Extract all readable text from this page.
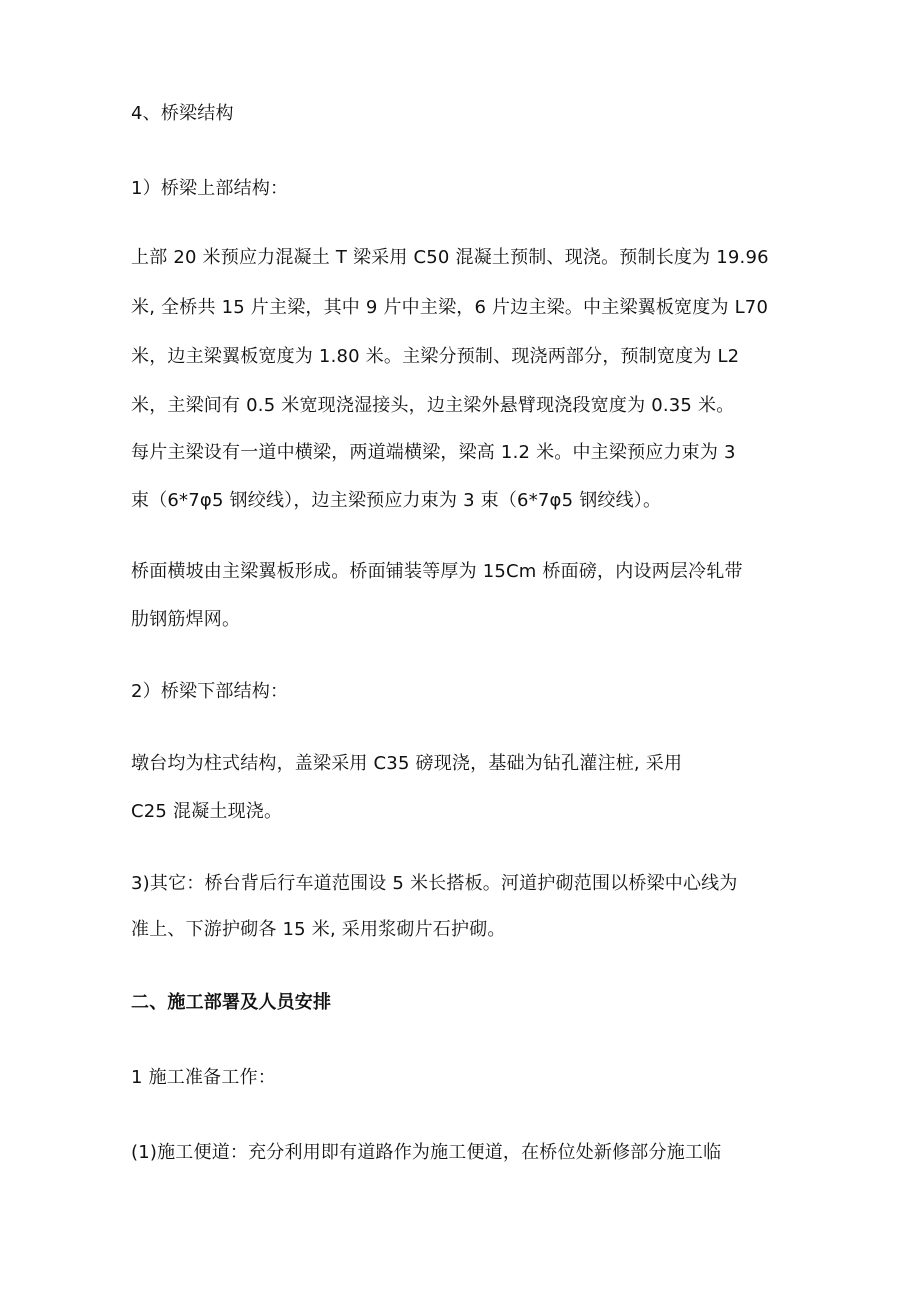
4、桥梁结构
1）桥梁上部结构：
上部 20 米预应力混凝土 T 梁采用 C50 混凝土预制、现浇。预制长度为 19.96
米, 全桥共 15 片主梁，其中 9 片中主梁，6 片边主梁。中主梁翼板宽度为 L70
米，边主梁翼板宽度为 1.80 米。主梁分预制、现浇两部分，预制宽度为 L2
米，主梁间有 0.5 米宽现浇湿接头，边主梁外悬臂现浇段宽度为 0.35 米。
每片主梁设有一道中横梁，两道端横梁，梁高 1.2 米。中主梁预应力束为 3
束（6*7φ5 钢绞线），边主梁预应力束为 3 束（6*7φ5 钢绞线）。
桥面横坡由主梁翼板形成。桥面铺装等厚为 15Cm 桥面磅，内设两层冷轧带
肋钢筋焊网。
2）桥梁下部结构：
墩台均为柱式结构，盖梁采用 C35 磅现浇，基础为钻孔灌注桩, 采用
C25 混凝土现浇。
3)其它：桥台背后行车道范围设 5 米长搭板。河道护砌范围以桥梁中心线为
准上、下游护砌各 15 米, 采用浆砌片石护砌。
二、施工部署及人员安排
1 施工准备工作：
(1)施工便道：充分利用即有道路作为施工便道，在桥位处新修部分施工临
